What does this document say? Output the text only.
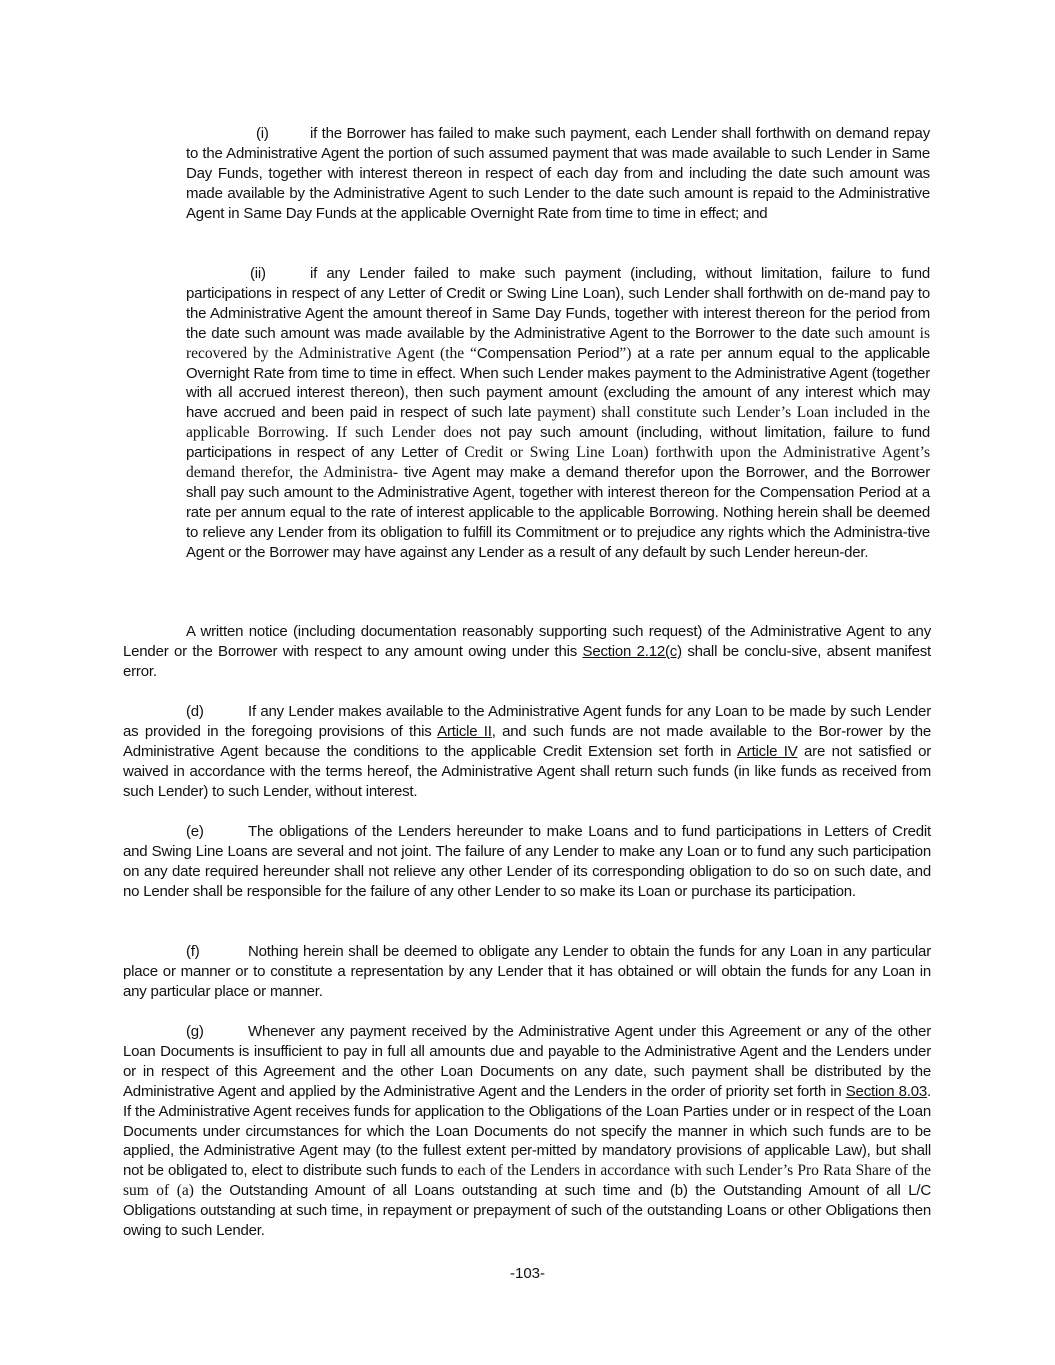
(i)	if the Borrower has failed to make such payment, each Lender shall forthwith on demand repay to the Administrative Agent the portion of such assumed payment that was made available to such Lender in Same Day Funds, together with interest thereon in respect of each day from and including the date such amount was made available by the Administrative Agent to such Lender to the date such amount is repaid to the Administrative Agent in Same Day Funds at the applicable Overnight Rate from time to time in effect; and

(ii)	if any Lender failed to make such payment (including, without limitation, failure to fund participations in respect of any Letter of Credit or Swing Line Loan), such Lender shall forthwith on de-mand pay to the Administrative Agent the amount thereof in Same Day Funds, together with interest thereon for the period from the date such amount was made available by the Administrative Agent to the Borrower to the date such amount is recovered by the Administrative Agent (the “Compensation Period”) at a rate per annum equal to the applicable Overnight Rate from time to time in effect. When such Lender makes payment to the Administrative Agent (together with all accrued interest thereon), then such payment amount (excluding the amount of any interest which may have accrued and been paid in respect of such late payment) shall constitute such Lender’s Loan included in the applicable Borrowing. If such Lender does not pay such amount (including, without limitation, failure to fund participations in respect of any Letter of Credit or Swing Line Loan) forthwith upon the Administrative Agent’s demand therefor, the Administra- tive Agent may make a demand therefor upon the Borrower, and the Borrower shall pay such amount to the Administrative Agent, together with interest thereon for the Compensation Period at a rate per annum equal to the rate of interest applicable to the applicable Borrowing. Nothing herein shall be deemed to relieve any Lender from its obligation to fulfill its Commitment or to prejudice any rights which the Administra-tive Agent or the Borrower may have against any Lender as a result of any default by such Lender hereun-der.

A written notice (including documentation reasonably supporting such request) of the Administrative Agent to any Lender or the Borrower with respect to any amount owing under this Section 2.12(c) shall be conclu-sive, absent manifest error.

(d)	If any Lender makes available to the Administrative Agent funds for any Loan to be made by such Lender as provided in the foregoing provisions of this Article II, and such funds are not made available to the Bor-rower by the Administrative Agent because the conditions to the applicable Credit Extension set forth in Article IV are not satisfied or waived in accordance with the terms hereof, the Administrative Agent shall return such funds (in like funds as received from such Lender) to such Lender, without interest.

(e)	The obligations of the Lenders hereunder to make Loans and to fund participations in Letters of Credit and Swing Line Loans are several and not joint. The failure of any Lender to make any Loan or to fund any such participation on any date required hereunder shall not relieve any other Lender of its corresponding obligation to do so on such date, and no Lender shall be responsible for the failure of any other Lender to so make its Loan or purchase its participation.

(f)	Nothing herein shall be deemed to obligate any Lender to obtain the funds for any Loan in any particular place or manner or to constitute a representation by any Lender that it has obtained or will obtain the funds for any Loan in any particular place or manner.

(g)	Whenever any payment received by the Administrative Agent under this Agreement or any of the other Loan Documents is insufficient to pay in full all amounts due and payable to the Administrative Agent and the Lenders under or in respect of this Agreement and the other Loan Documents on any date, such payment shall be distributed by the Administrative Agent and applied by the Administrative Agent and the Lenders in the order of priority set forth in Section 8.03. If the Administrative Agent receives funds for application to the Obligations of the Loan Parties under or in respect of the Loan Documents under circumstances for which the Loan Documents do not specify the manner in which such funds are to be applied, the Administrative Agent may (to the fullest extent per-mitted by mandatory provisions of applicable Law), but shall not be obligated to, elect to distribute such funds to each of the Lenders in accordance with such Lender’s Pro Rata Share of the sum of (a) the Outstanding Amount of all Loans outstanding at such time and (b) the Outstanding Amount of all L/C Obligations outstanding at such time, in repayment or prepayment of such of the outstanding Loans or other Obligations then owing to such Lender.

-103-
